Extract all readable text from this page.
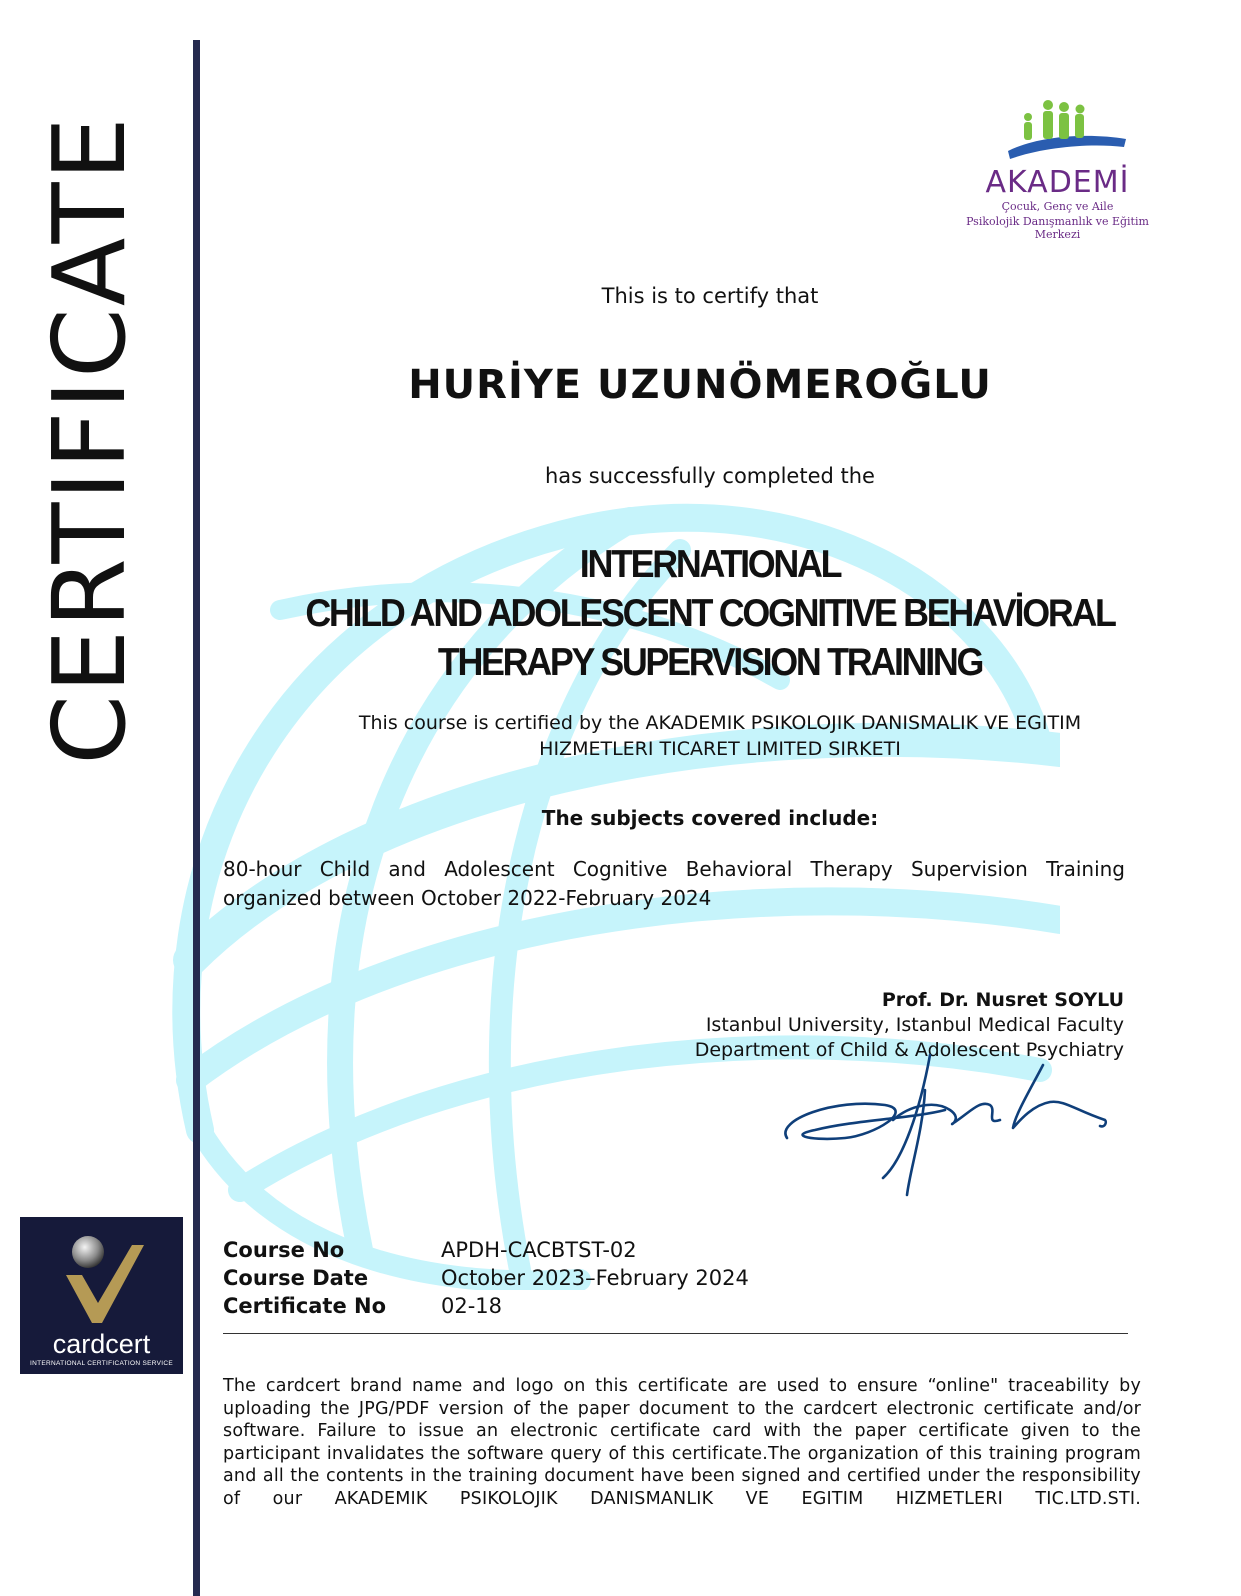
CERTIFICATE	AKADEMİ
Çocuk, Genç ve Aile
Psikolojik Danışmanlık ve Eğitim Merkezi
This is to certify that
HURİYE UZUNÖMEROĞLU
has successfully completed the
INTERNATIONAL
CHILD AND ADOLESCENT COGNITIVE BEHAVİORAL
THERAPY SUPERVISION TRAINING
This course is certified by the AKADEMIK PSIKOLOJIK DANISMALIK VE EGITIM
HIZMETLERI TICARET LIMITED SIRKETI
The subjects covered include:
80-hour Child and Adolescent Cognitive Behavioral Therapy Supervision Training organized between October 2022-February 2024
Prof. Dr. Nusret SOYLU
Istanbul University, Istanbul Medical Faculty
Department of Child & Adolescent Psychiatry
Course No	APDH-CACBTST-02
Course Date	October 2023–February 2024
Certificate No	02-18
The cardcert brand name and logo on this certificate are used to ensure “online" traceability by uploading the JPG/PDF version of the paper document to the cardcert electronic certificate and/or software. Failure to issue an electronic certificate card with the paper certificate given to the participant invalidates the software query of this certificate.The organization of this training program and all the contents in the training document have been signed and certified under the responsibility of our AKADEMIK PSIKOLOJIK DANISMANLIK VE EGITIM HIZMETLERI TIC.LTD.STI.
cardcert
INTERNATIONAL CERTIFICATION SERVICE
